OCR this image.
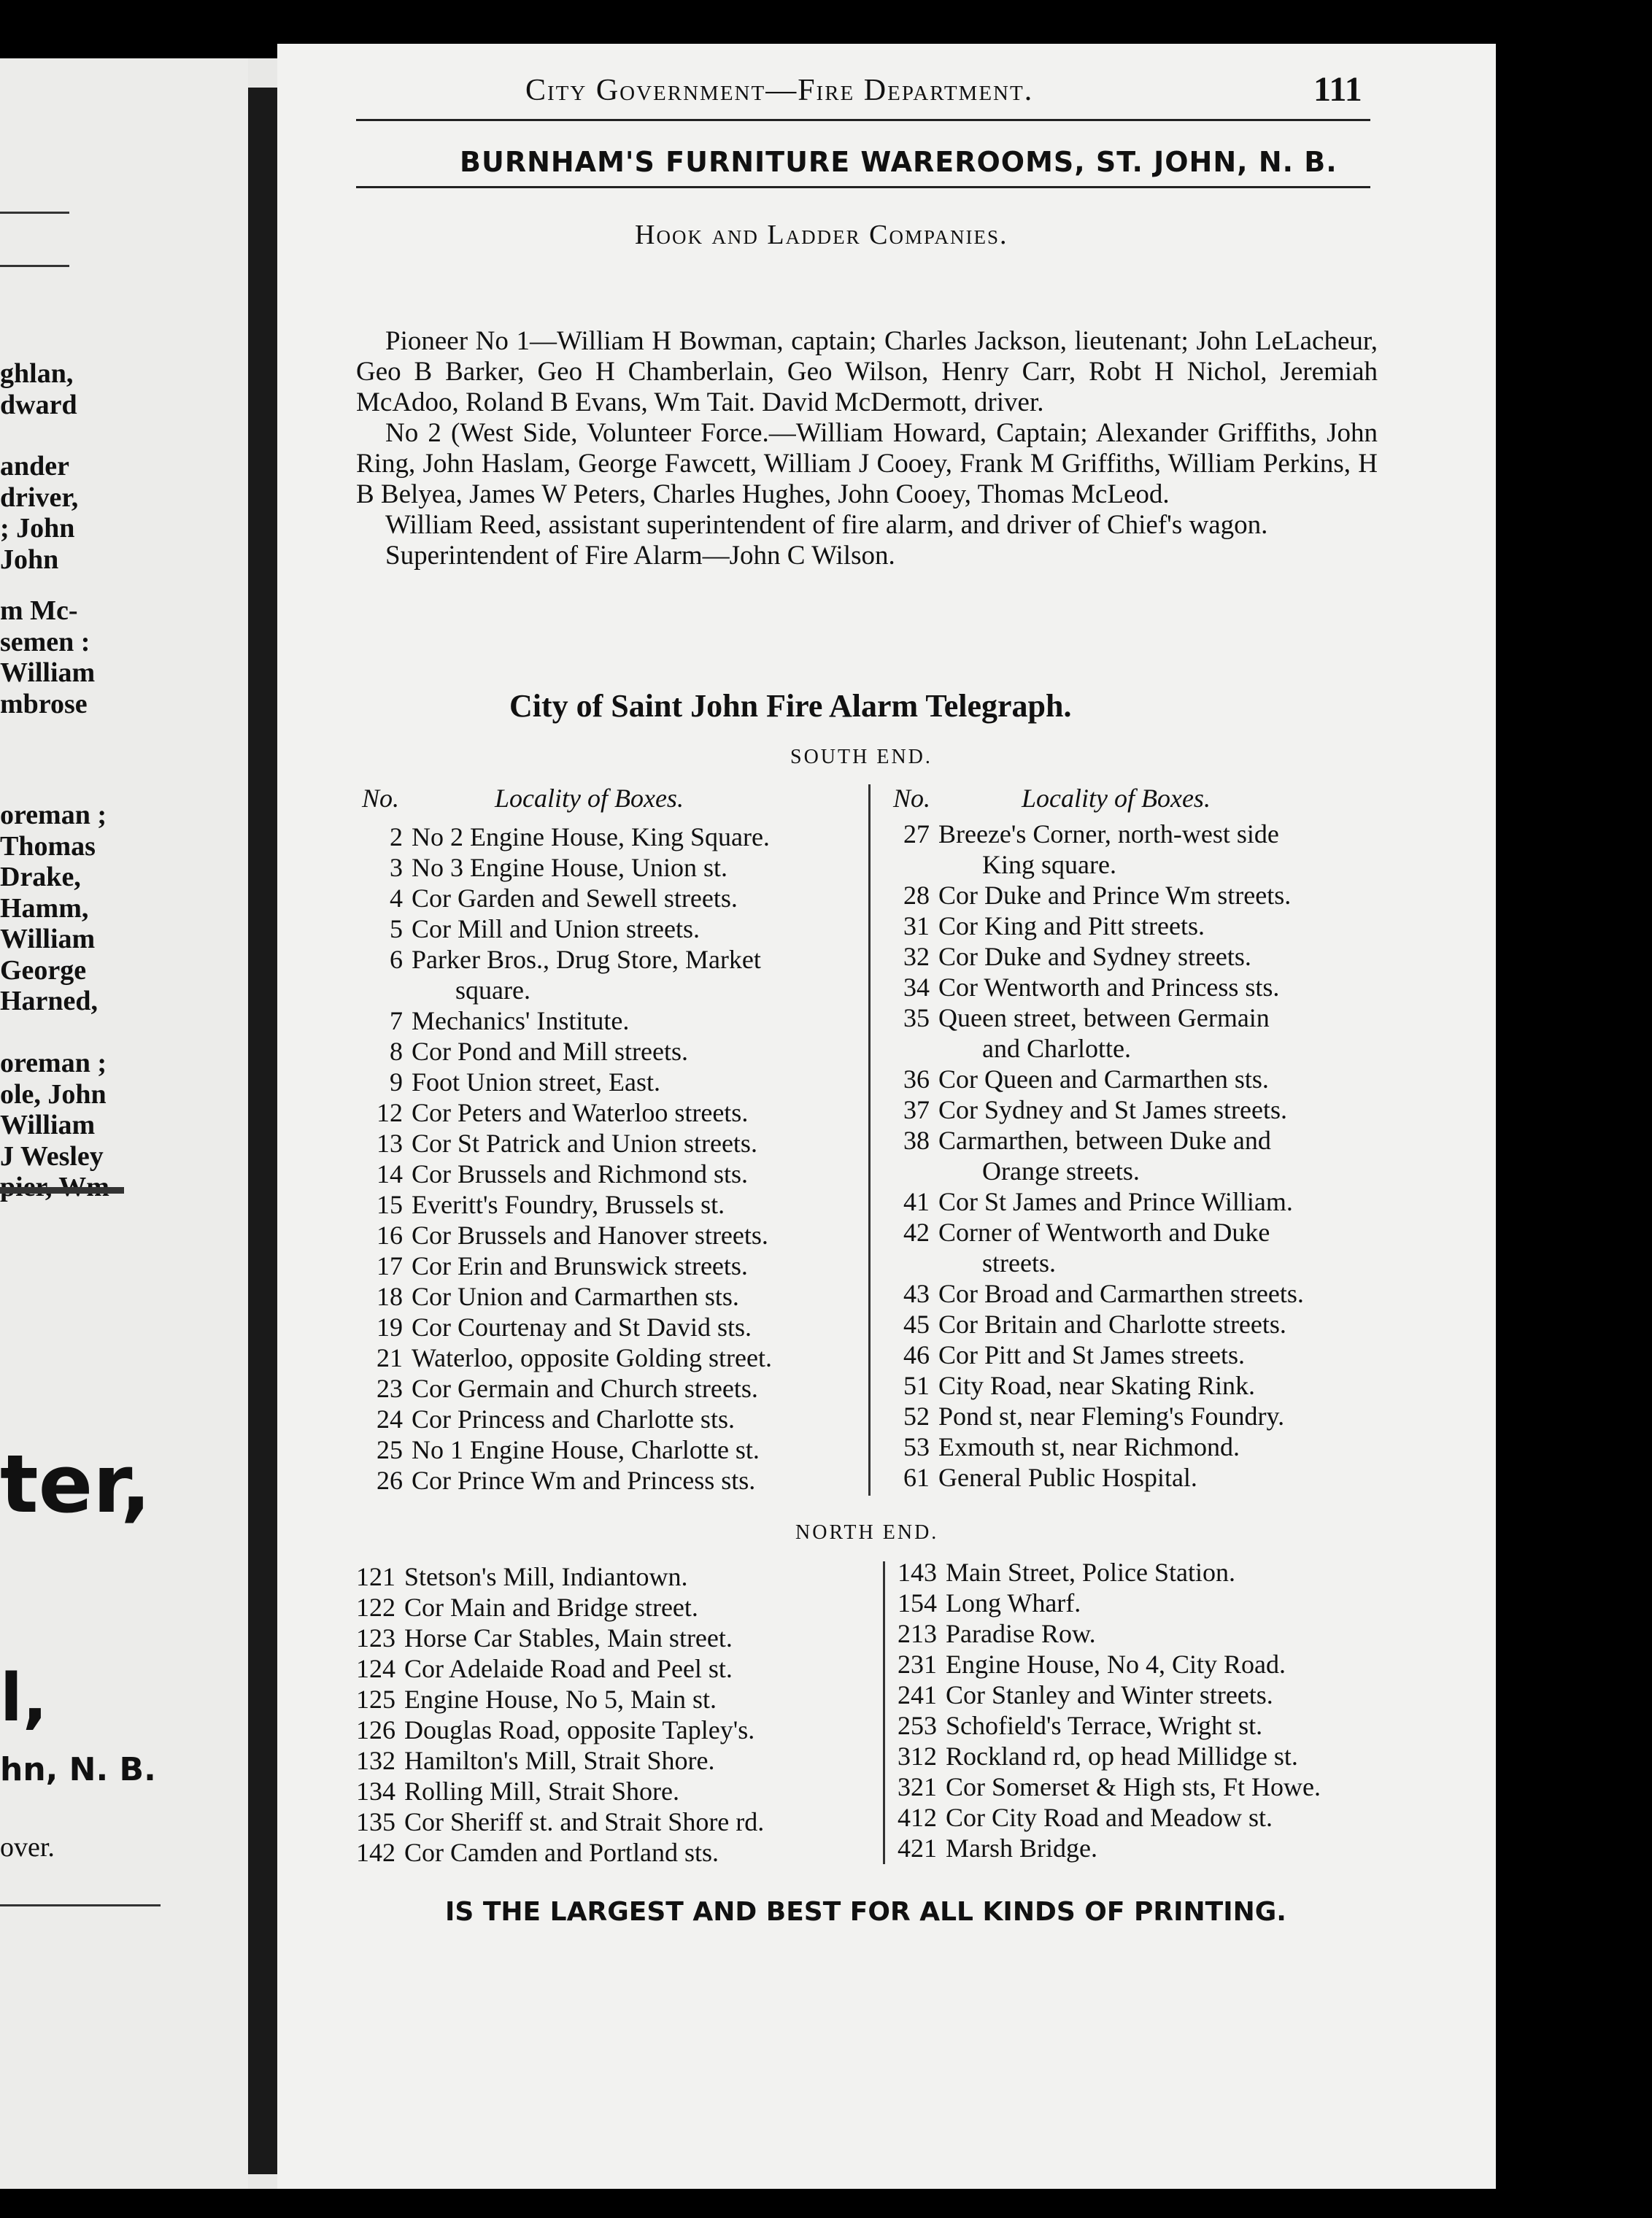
ghlan,
dward
ander
driver,
; John
John
m Mc-
semen :
William
mbrose
oreman ;
Thomas
Drake,
Hamm,
William
George
Harned,
oreman ;
ole, John
William
J Wesley
ter,
l,
hn, N. B.
over.
City Government—Fire Department.	111
BURNHAM'S FURNITURE WAREROOMS, ST. JOHN, N. B.
Hook and Ladder Companies.

Pioneer No 1—William H Bowman, captain; Charles Jackson, lieutenant; John LeLacheur, Geo B Barker, Geo H Chamberlain, Geo Wilson, Henry Carr, Robt H Nichol, Jeremiah McAdoo, Roland B Evans, Wm Tait. David McDermott, driver.

No 2 (West Side, Volunteer Force.—William Howard, Captain; Alexander Griffiths, John Ring, John Haslam, George Fawcett, William J Cooey, Frank M Griffiths, William Perkins, H B Belyea, James W Peters, Charles Hughes, John Cooey, Thomas McLeod.

William Reed, assistant superintendent of fire alarm, and driver of Chief's wagon.

Superintendent of Fire Alarm—John C Wilson.

City of Saint John Fire Alarm Telegraph.
SOUTH END.
No.	Locality of Boxes.	No.	Locality of Boxes.
2 No 2 Engine House, King Square.
3 No 3 Engine House, Union st.
4 Cor Garden and Sewell streets.
5 Cor Mill and Union streets.
6 Parker Bros., Drug Store, Market
square.
7 Mechanics' Institute.
8 Cor Pond and Mill streets.
9 Foot Union street, East.
12 Cor Peters and Waterloo streets.
13 Cor St Patrick and Union streets.
14 Cor Brussels and Richmond sts.
15 Everitt's Foundry, Brussels st.
16 Cor Brussels and Hanover streets.
17 Cor Erin and Brunswick streets.
18 Cor Union and Carmarthen sts.
19 Cor Courtenay and St David sts.
21 Waterloo, opposite Golding street.
23 Cor Germain and Church streets.
24 Cor Princess and Charlotte sts.
25 No 1 Engine House, Charlotte st.
26 Cor Prince Wm and Princess sts.
27 Breeze's Corner, north-west side
King square.
28 Cor Duke and Prince Wm streets.
31 Cor King and Pitt streets.
32 Cor Duke and Sydney streets.
34 Cor Wentworth and Princess sts.
35 Queen street, between Germain
and Charlotte.
36 Cor Queen and Carmarthen sts.
37 Cor Sydney and St James streets.
38 Carmarthen, between Duke and
Orange streets.
41 Cor St James and Prince William.
42 Corner of Wentworth and Duke
streets.
43 Cor Broad and Carmarthen streets.
45 Cor Britain and Charlotte streets.
46 Cor Pitt and St James streets.
51 City Road, near Skating Rink.
52 Pond st, near Fleming's Foundry.
53 Exmouth st, near Richmond.
61 General Public Hospital.
NORTH END.
121 Stetson's Mill, Indiantown.
122 Cor Main and Bridge street.
123 Horse Car Stables, Main street.
124 Cor Adelaide Road and Peel st.
125 Engine House, No 5, Main st.
126 Douglas Road, opposite Tapley's.
132 Hamilton's Mill, Strait Shore.
134 Rolling Mill, Strait Shore.
135 Cor Sheriff st. and Strait Shore rd.
142 Cor Camden and Portland sts.
143 Main Street, Police Station.
154 Long Wharf.
213 Paradise Row.
231 Engine House, No 4, City Road.
241 Cor Stanley and Winter streets.
253 Schofield's Terrace, Wright st.
312 Rockland rd, op head Millidge st.
321 Cor Somerset & High sts, Ft Howe.
412 Cor City Road and Meadow st.
421 Marsh Bridge.
IS THE LARGEST AND BEST FOR ALL KINDS OF PRINTING.
